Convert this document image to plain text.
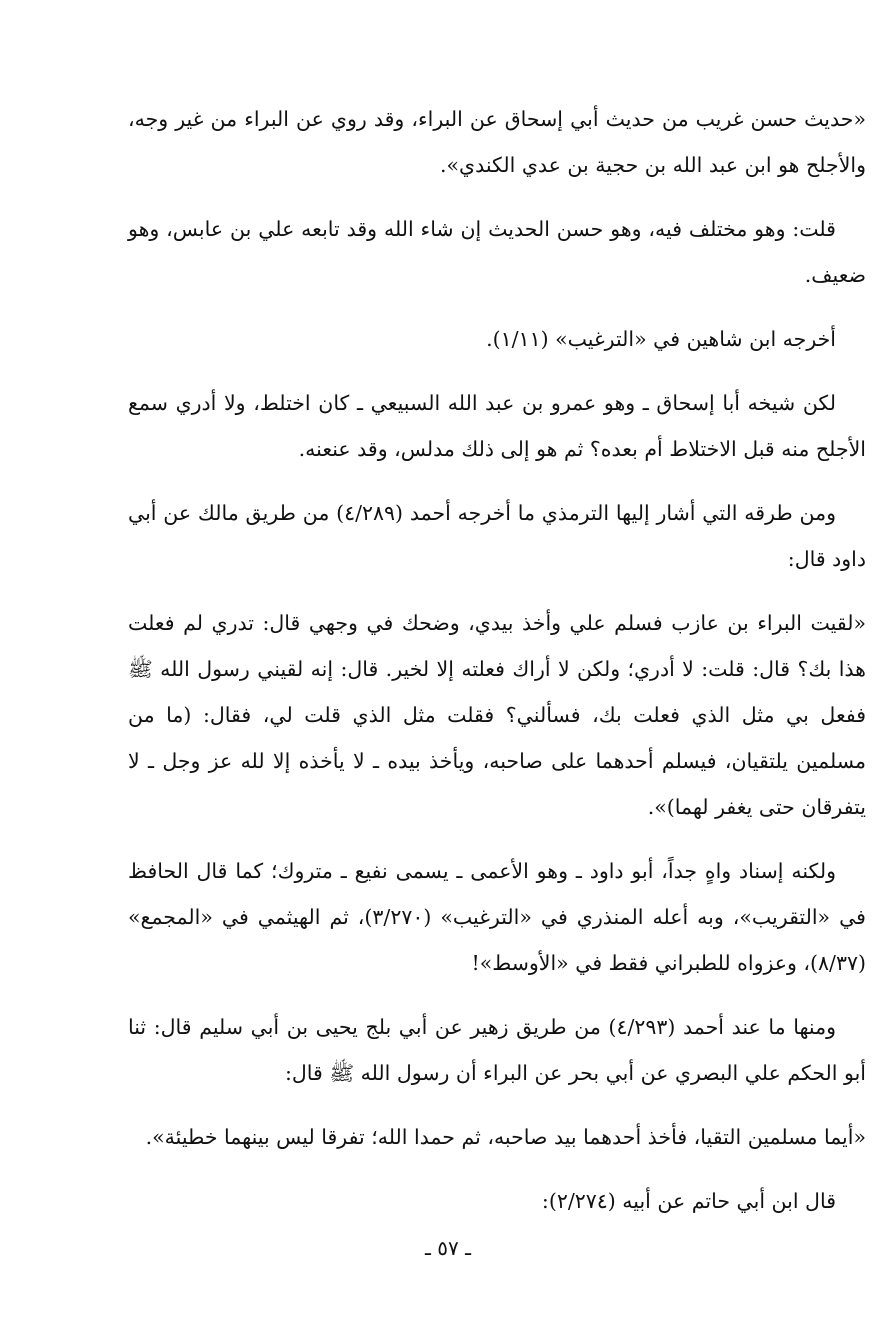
«حديث حسن غريب من حديث أبي إسحاق عن البراء، وقد روي عن البراء من غير وجه، والأجلح هو ابن عبد الله بن حجية بن عدي الكندي».

قلت: وهو مختلف فيه، وهو حسن الحديث إن شاء الله وقد تابعه علي بن عابس، وهو ضعيف.

أخرجه ابن شاهين في «الترغيب» (١/١١).

لكن شيخه أبا إسحاق ـ وهو عمرو بن عبد الله السبيعي ـ كان اختلط، ولا أدري سمع الأجلح منه قبل الاختلاط أم بعده؟ ثم هو إلى ذلك مدلس، وقد عنعنه.

ومن طرقه التي أشار إليها الترمذي ما أخرجه أحمد (٤/٢٨٩) من طريق مالك عن أبي داود قال:

«لقيت البراء بن عازب فسلم علي وأخذ بيدي، وضحك في وجهي قال: تدري لم فعلت هذا بك؟ قال: قلت: لا أدري؛ ولكن لا أراك فعلته إلا لخير. قال: إنه لقيني رسول الله ﷺ ففعل بي مثل الذي فعلت بك، فسألني؟ فقلت مثل الذي قلت لي، فقال: (ما من مسلمين يلتقيان، فيسلم أحدهما على صاحبه، ويأخذ بيده ـ لا يأخذه إلا لله عز وجل ـ لا يتفرقان حتى يغفر لهما)».

ولكنه إسناد واهٍ جداً، أبو داود ـ وهو الأعمى ـ يسمى نفيع ـ متروك؛ كما قال الحافظ في «التقريب»، وبه أعله المنذري في «الترغيب» (٣/٢٧٠)، ثم الهيثمي في «المجمع» (٨/٣٧)، وعزواه للطبراني فقط في «الأوسط»!

ومنها ما عند أحمد (٤/٢٩٣) من طريق زهير عن أبي بلج يحيى بن أبي سليم قال: ثنا أبو الحكم علي البصري عن أبي بحر عن البراء أن رسول الله ﷺ قال:

«أيما مسلمين التقيا، فأخذ أحدهما بيد صاحبه، ثم حمدا الله؛ تفرقا ليس بينهما خطيئة».

قال ابن أبي حاتم عن أبيه (٢/٢٧٤):

ـ ٥٧ ـ
